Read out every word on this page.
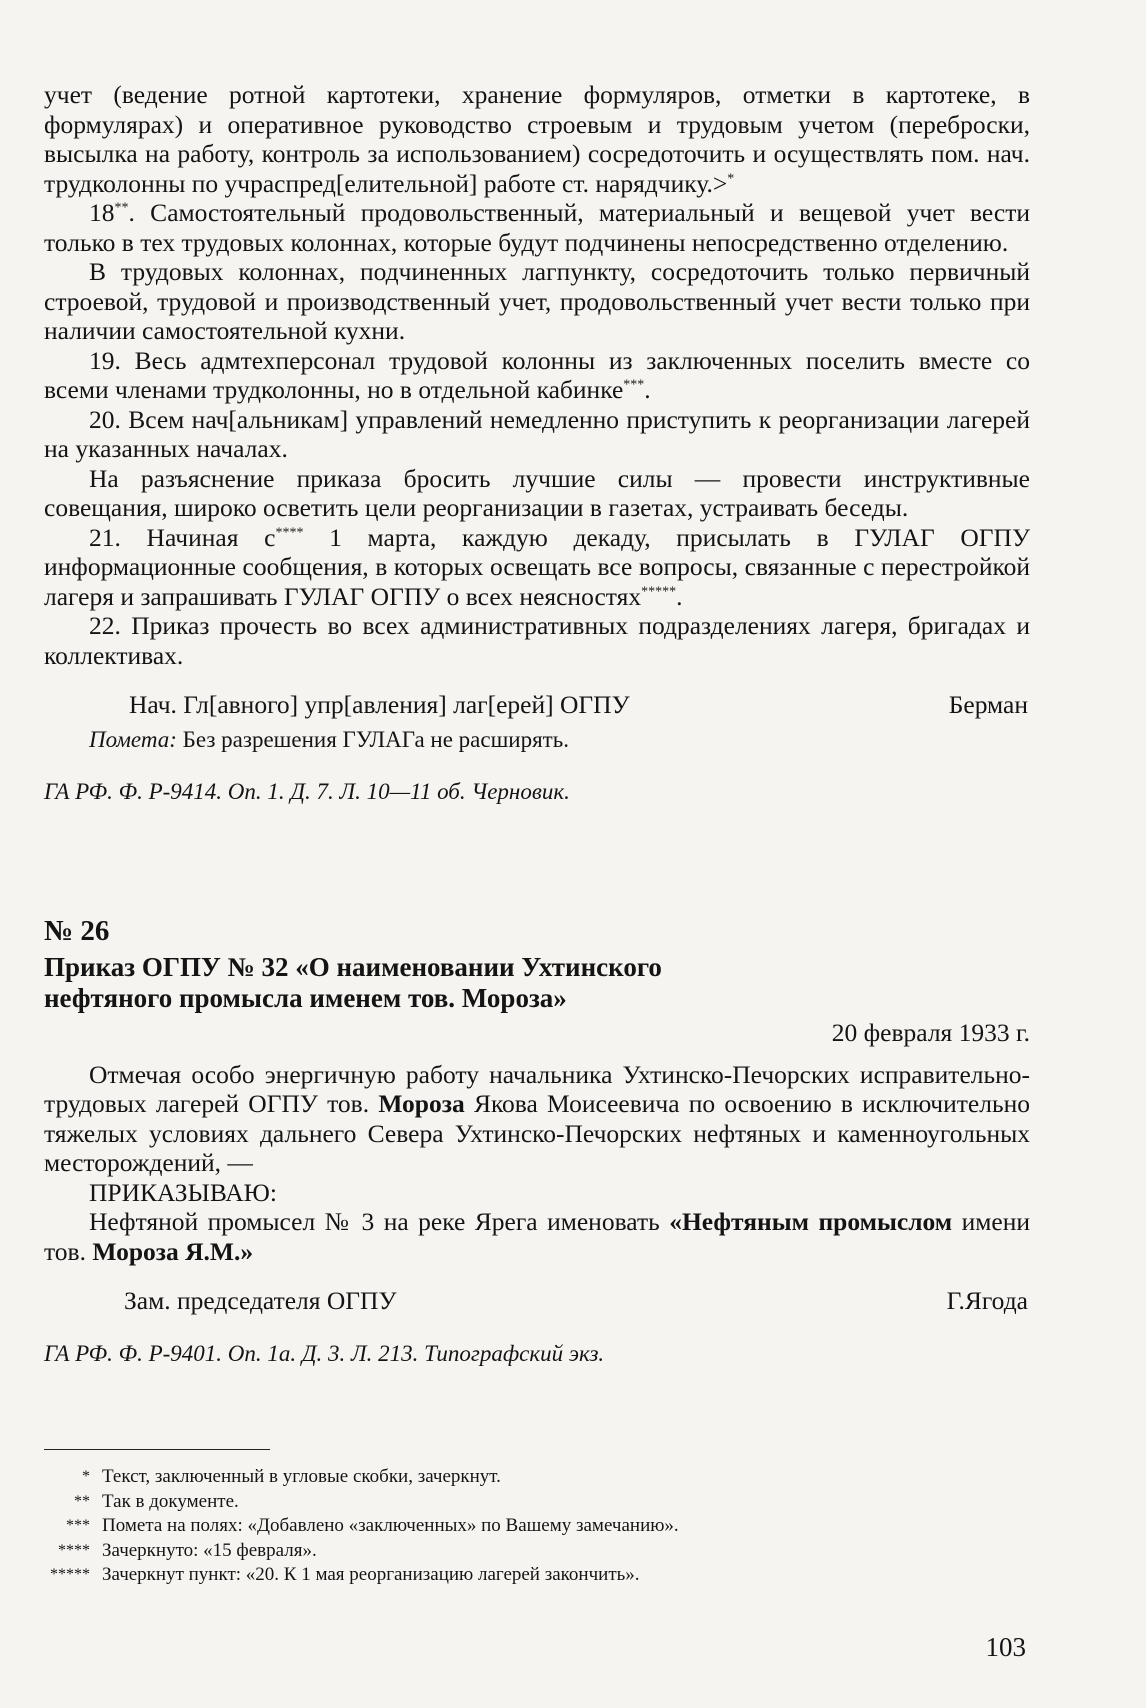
учет (ведение ротной картотеки, хранение формуляров, отметки в картотеке, в формулярах) и оперативное руководство строевым и трудовым учетом (переброски, высылка на работу, контроль за использованием) сосредоточить и осуществлять пом. нач. трудколонны по учраспред[елительной] работе ст. нарядчику.>*

18**. Самостоятельный продовольственный, материальный и вещевой учет вести только в тех трудовых колоннах, которые будут подчинены непосредственно отделению.

В трудовых колоннах, подчиненных лагпункту, сосредоточить только первичный строевой, трудовой и производственный учет, продовольственный учет вести только при наличии самостоятельной кухни.

19. Весь адмтехперсонал трудовой колонны из заключенных поселить вместе со всеми членами трудколонны, но в отдельной кабинке***.

20. Всем нач[альникам] управлений немедленно приступить к реорганизации лагерей на указанных началах.

На разъяснение приказа бросить лучшие силы — провести инструктивные совещания, широко осветить цели реорганизации в газетах, устраивать беседы.

21. Начиная с**** 1 марта, каждую декаду, присылать в ГУЛАГ ОГПУ информационные сообщения, в которых освещать все вопросы, связанные с перестройкой лагеря и запрашивать ГУЛАГ ОГПУ о всех неясностях*****.

22. Приказ прочесть во всех административных подразделениях лагеря, бригадах и коллективах.

Нач. Гл[авного] упр[авления] лаг[ерей] ОГПУ	Берман
Помета: Без разрешения ГУЛАГа не расширять.
ГА РФ. Ф. Р-9414. Оп. 1. Д. 7. Л. 10—11 об. Черновик.
№ 26
Приказ ОГПУ № 32 «О наименовании Ухтинского нефтяного промысла именем тов. Мороза»
20 февраля 1933 г.

Отмечая особо энергичную работу начальника Ухтинско-Печорских исправительно-трудовых лагерей ОГПУ тов. Мороза Якова Моисеевича по освоению в исключительно тяжелых условиях дальнего Севера Ухтинско-Печорских нефтяных и каменноугольных месторождений, —

ПРИКАЗЫВАЮ:

Нефтяной промысел № 3 на реке Ярега именовать «Нефтяным промыслом имени тов. Мороза Я.М.»

Зам. председателя ОГПУ	Г.Ягода
ГА РФ. Ф. Р-9401. Оп. 1а. Д. 3. Л. 213. Типографский экз.
* Текст, заключенный в угловые скобки, зачеркнут.
** Так в документе.
*** Помета на полях: «Добавлено «заключенных» по Вашему замечанию».
**** Зачеркнуто: «15 февраля».
***** Зачеркнут пункт: «20. К 1 мая реорганизацию лагерей закончить».
103
